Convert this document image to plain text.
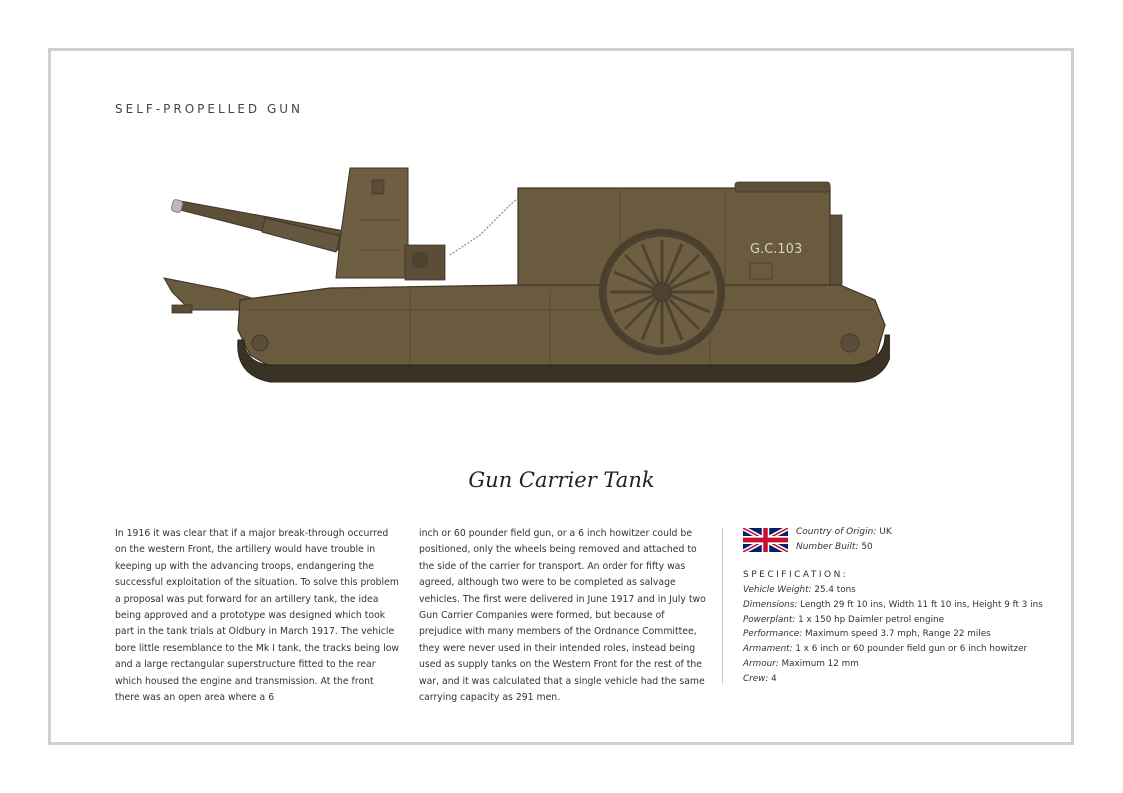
SELF-PROPELLED GUN
G.C.103
Gun Carrier Tank

In 1916 it was clear that if a major break-through occurred on the western Front, the artillery would have trouble in keeping up with the advancing troops, endangering the successful exploitation of the situation. To solve this problem a proposal was put forward for an artillery tank, the idea being approved and a prototype was designed which took part in the tank trials at Oldbury in March 1917. The vehicle bore little resemblance to the Mk I tank, the tracks being low and a large rectangular superstructure fitted to the rear which housed the engine and transmission. At the front there was an open area where a 6

inch or 60 pounder field gun, or a 6 inch howitzer could be positioned, only the wheels being removed and attached to the side of the carrier for transport. An order for fifty was agreed, although two were to be completed as salvage vehicles. The first were delivered in June 1917 and in July two Gun Carrier Companies were formed, but because of prejudice with many members of the Ordnance Committee, they were never used in their intended roles, instead being used as supply tanks on the Western Front for the rest of the war, and it was calculated that a single vehicle had the same carrying capacity as 291 men.

Country of Origin: UK
Number Built: 50
SPECIFICATION:
Vehicle Weight: 25.4 tons
Dimensions: Length 29 ft 10 ins, Width 11 ft 10 ins, Height 9 ft 3 ins
Powerplant: 1 x 150 hp Daimler petrol engine
Performance: Maximum speed 3.7 mph, Range 22 miles
Armament: 1 x 6 inch or 60 pounder field gun or 6 inch howitzer
Armour: Maximum 12 mm
Crew: 4
